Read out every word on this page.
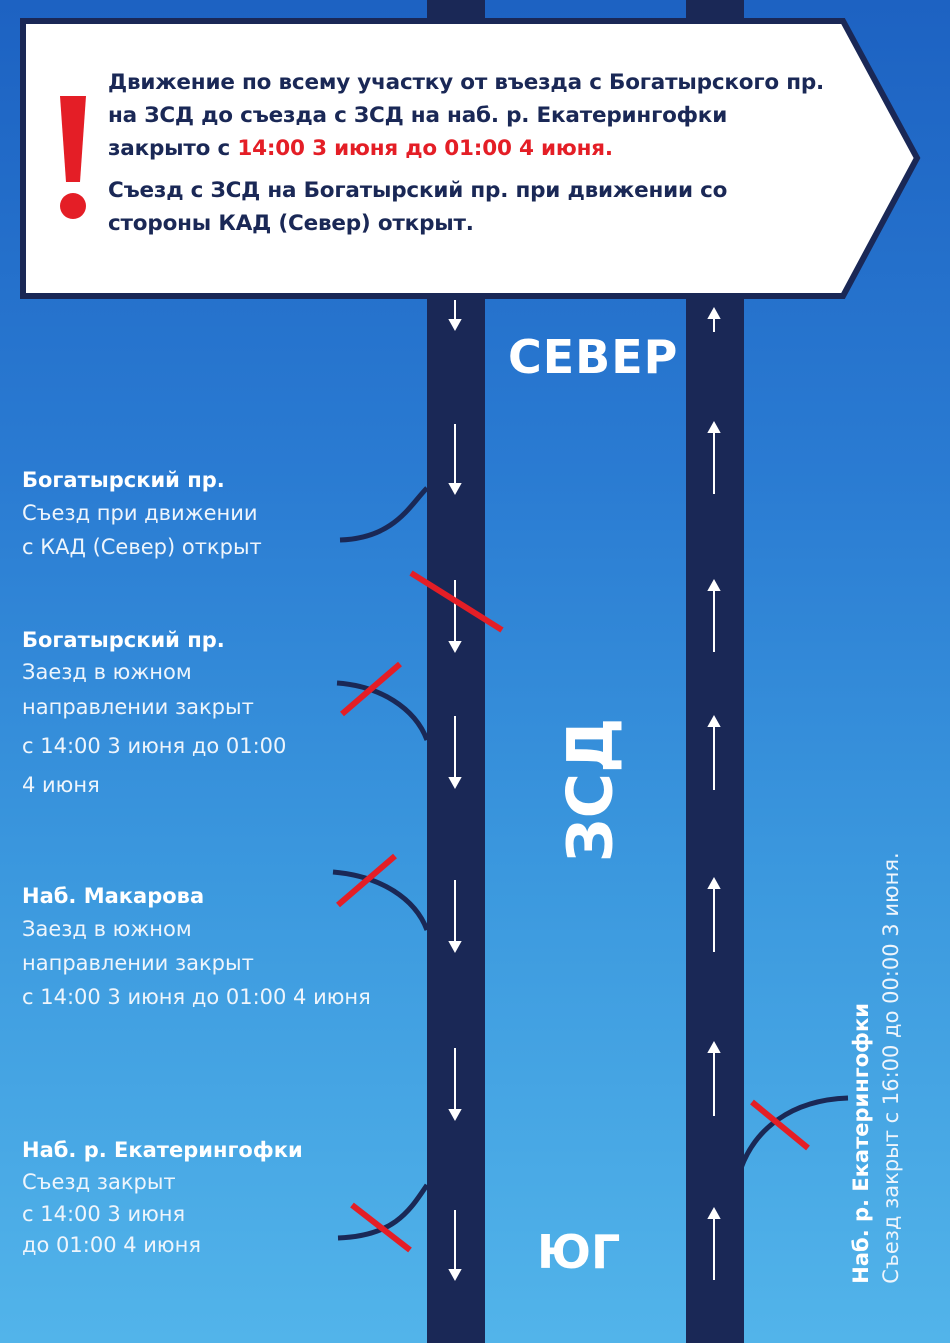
Движение по всему участку от въезда с Богатырского пр. на ЗСД до съезда с ЗСД на наб. р. Екатерингофки закрыто с 14:00 3 июня до 01:00 4 июня.
Съезд с ЗСД на Богатырский пр. при движении со стороны КАД (Север) открыт.
СЕВЕР
ЗСД
ЮГ
Богатырский пр.
Съезд при движении
с КАД (Север) открыт
Богатырский пр.
Заезд в южном
направлении закрыт
с 14:00 3 июня до 01:00
4 июня
Наб. Макарова
Заезд в южном
направлении закрыт
с 14:00 3 июня до 01:00 4 июня
Наб. р. Екатерингофки
Съезд закрыт
с 14:00 3 июня
до 01:00 4 июня	Наб. р. Екатерингофки Съезд закрыт с 16:00 до 00:00 3 июня.
